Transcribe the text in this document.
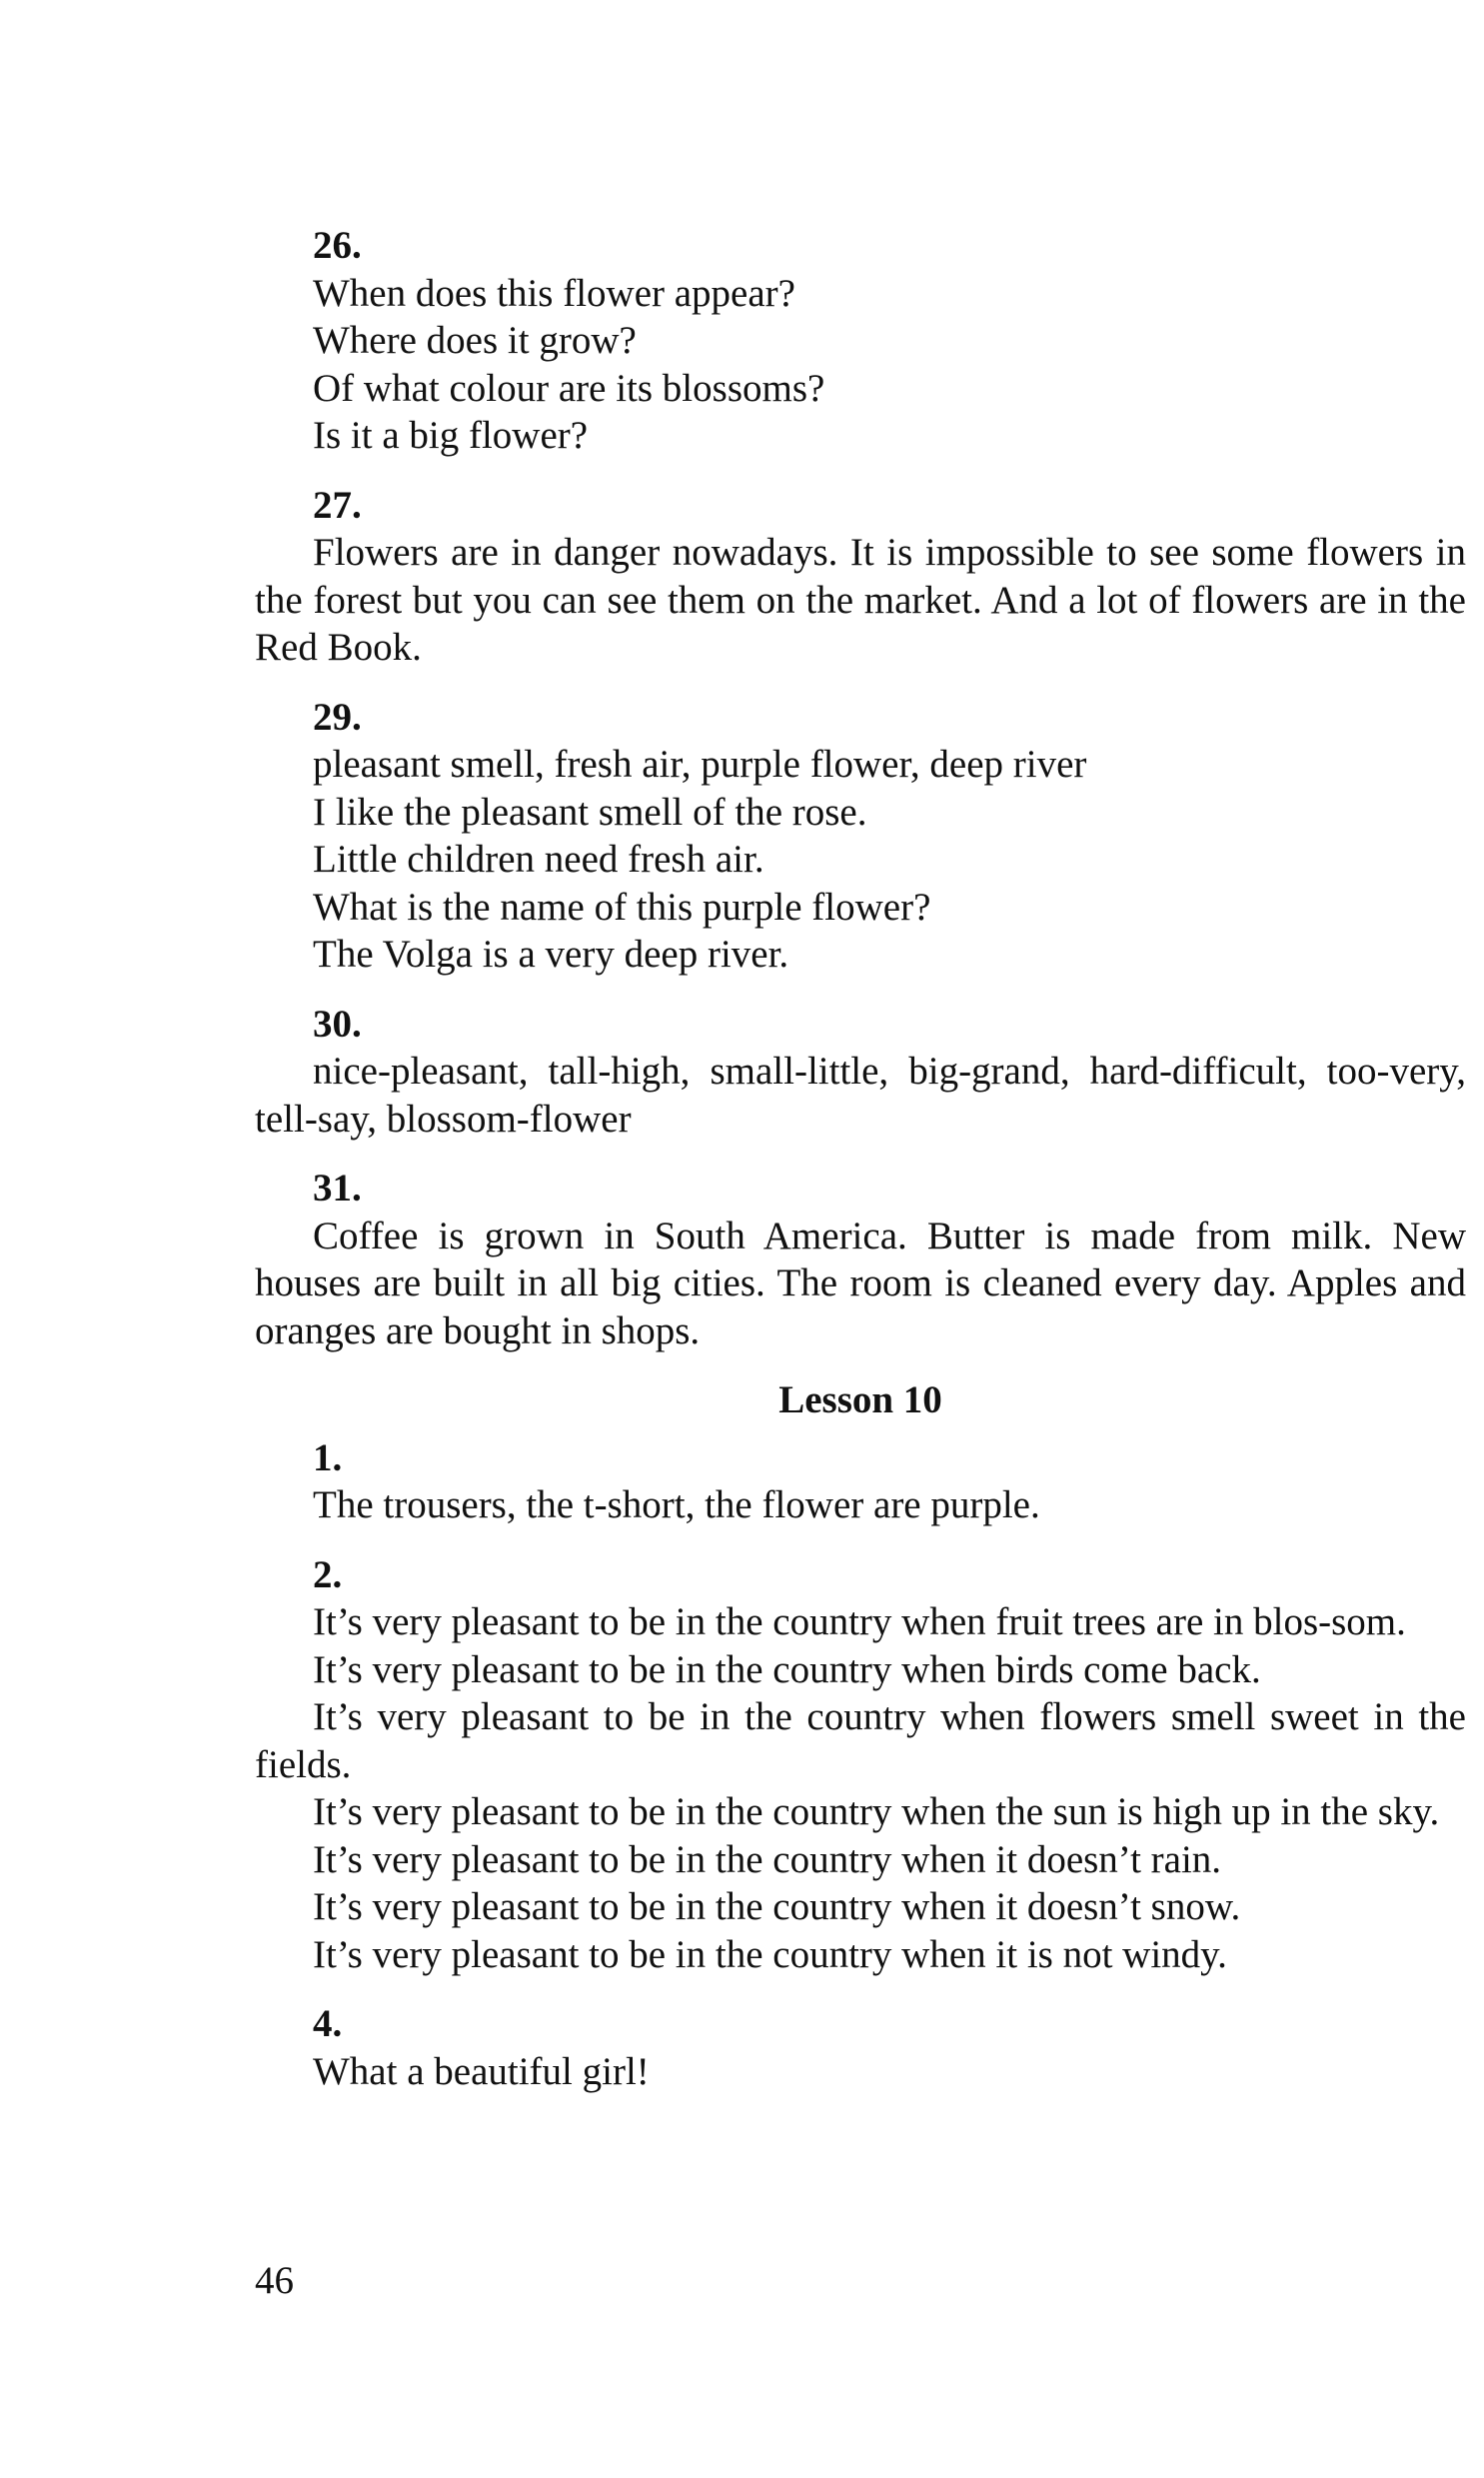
26.
When does this flower appear?
Where does it grow?
Of what colour are its blossoms?
Is it a big flower?
27.
Flowers are in danger nowadays. It is impossible to see some flowers in the forest but you can see them on the market. And a lot of flowers are in the Red Book.
29.
pleasant smell, fresh air, purple flower, deep river
I like the pleasant smell of the rose.
Little children need fresh air.
What is the name of this purple flower?
The Volga is a very deep river.
30.
nice-pleasant, tall-high, small-little, big-grand, hard-difficult, too-very, tell-say, blossom-flower
31.
Coffee is grown in South America. Butter is made from milk. New houses are built in all big cities. The room is cleaned every day. Apples and oranges are bought in shops.
Lesson 10
1.
The trousers, the t-short, the flower are purple.
2.
It’s very pleasant to be in the country when fruit trees are in blos-som.
It’s very pleasant to be in the country when birds come back.
It’s very pleasant to be in the country when flowers smell sweet in the fields.
It’s very pleasant to be in the country when the sun is high up in the sky.
It’s very pleasant to be in the country when it doesn’t rain.
It’s very pleasant to be in the country when it doesn’t snow.
It’s very pleasant to be in the country when it is not windy.
4.
What a beautiful girl!
46
